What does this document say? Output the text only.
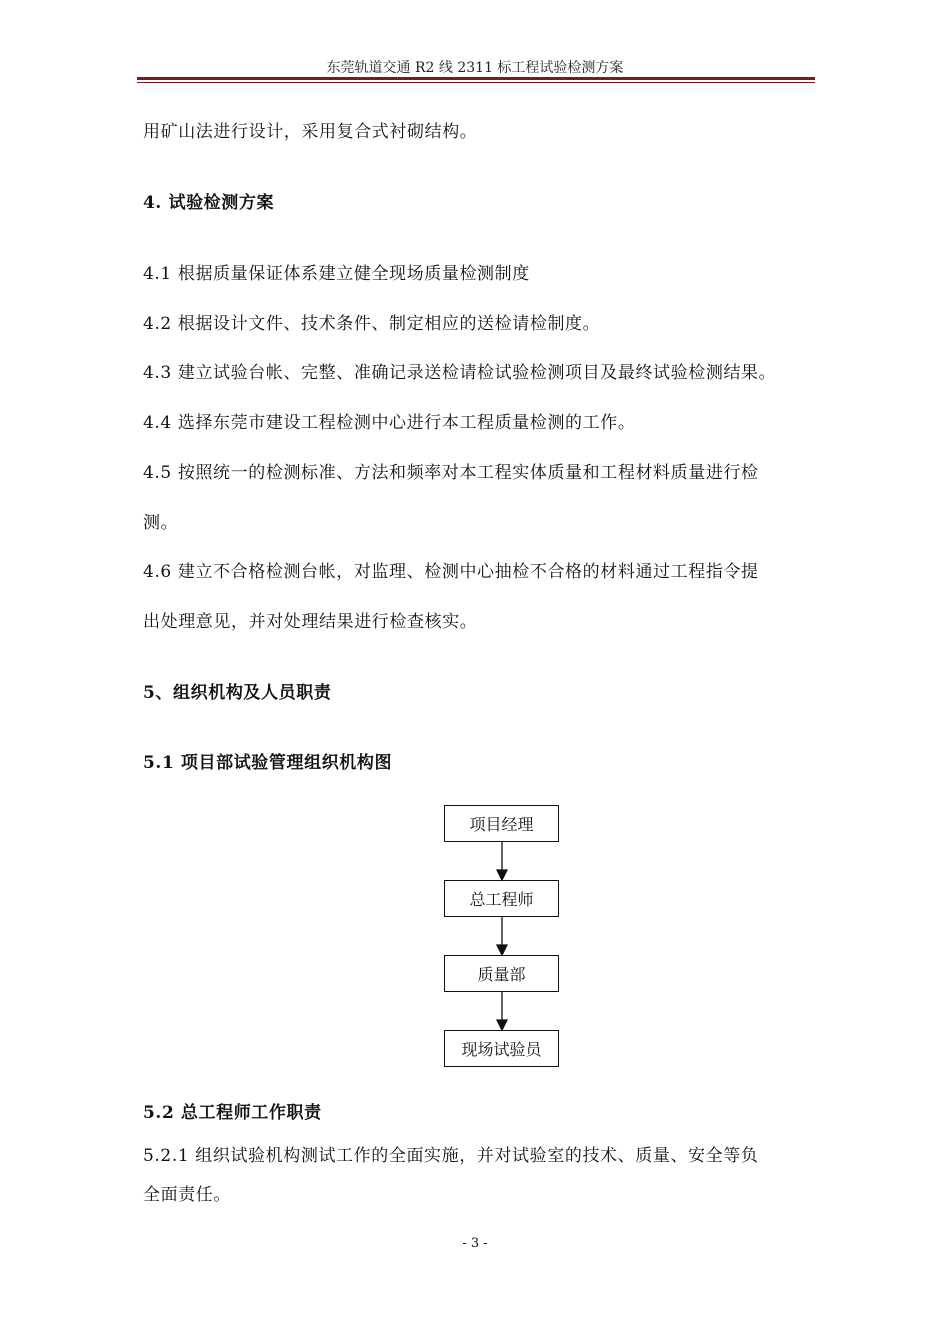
东莞轨道交通 R2 线 2311 标工程试验检测方案
用矿山法进行设计，采用复合式衬砌结构。
4. 试验检测方案
4.1 根据质量保证体系建立健全现场质量检测制度
4.2 根据设计文件、技术条件、制定相应的送检请检制度。
4.3 建立试验台帐、完整、准确记录送检请检试验检测项目及最终试验检测结果。
4.4 选择东莞市建设工程检测中心进行本工程质量检测的工作。
4.5 按照统一的检测标准、方法和频率对本工程实体质量和工程材料质量进行检
测。
4.6 建立不合格检测台帐，对监理、检测中心抽检不合格的材料通过工程指令提
出处理意见，并对处理结果进行检查核实。
5、组织机构及人员职责
5.1 项目部试验管理组织机构图
项目经理
总工程师
质量部
现场试验员
5.2 总工程师工作职责
5.2.1 组织试验机构测试工作的全面实施，并对试验室的技术、质量、安全等负
全面责任。
- 3 -
